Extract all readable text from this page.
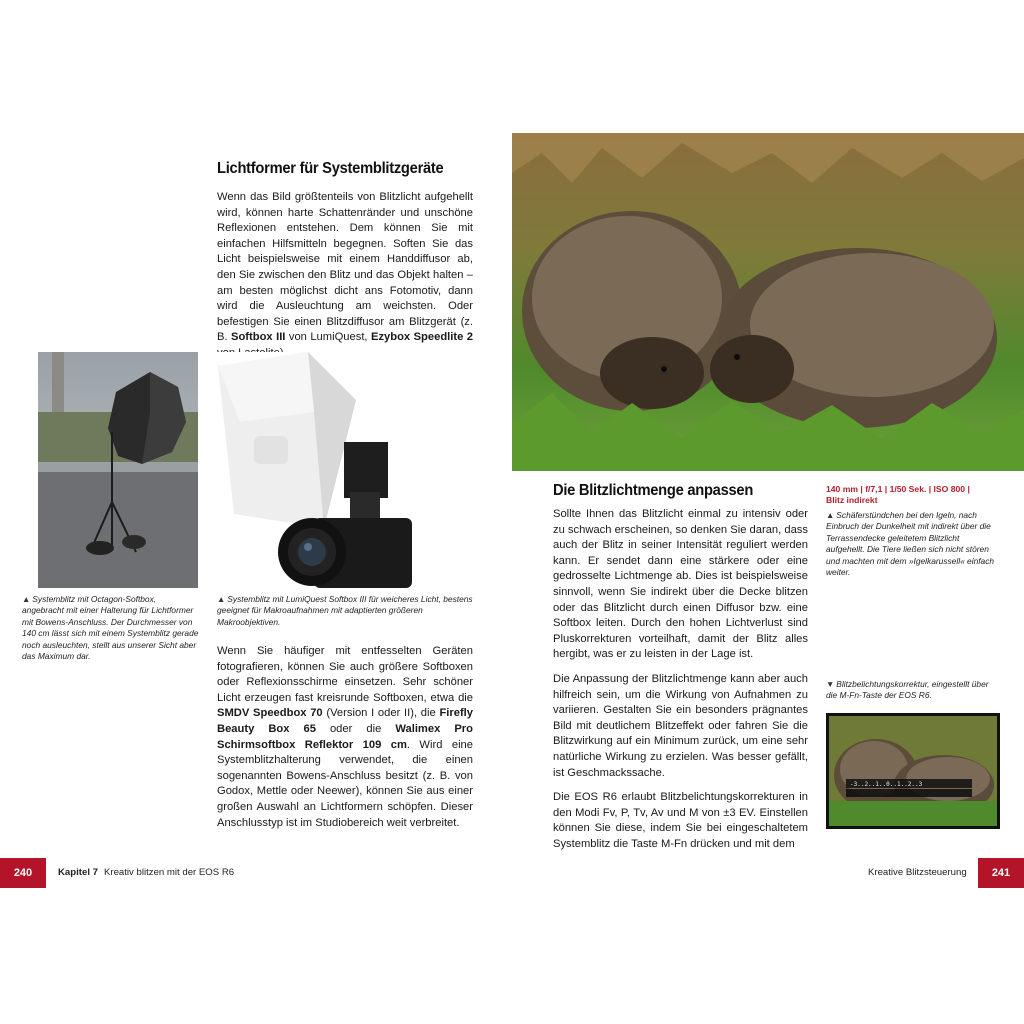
Lichtformer für Systemblitzgeräte

Wenn das Bild größtenteils von Blitzlicht aufgehellt wird, können harte Schattenränder und unschöne Reflexionen entstehen. Dem können Sie mit einfachen Hilfsmitteln begegnen. Soften Sie das Licht beispielsweise mit einem Handdiffusor ab, den Sie zwischen den Blitz und das Objekt halten – am besten möglichst dicht ans Fotomotiv, dann wird die Ausleuchtung am weichsten. Oder befestigen Sie einen Blitzdiffusor am Blitzgerät (z. B. Softbox III von LumiQuest, Ezybox Speedlite 2

▲ Systemblitz mit Octagon-Softbox, angebracht mit einer Halterung für Lichtformer mit Bowens-Anschluss. Der Durchmesser von 140 cm lässt sich mit einem Systemblitz gerade noch ausleuchten, stellt aus unserer Sicht aber das Maximum dar.
▲ Systemblitz mit LumiQuest Softbox III für weicheres Licht, bestens geeignet für Makroaufnahmen mit adaptierten größeren Makroobjektiven.

Wenn Sie häufiger mit entfesselten Geräten fotografieren, können Sie auch größere Softboxen oder Reflexionsschirme einsetzen. Sehr schöner Licht erzeugen fast kreisrunde Softboxen, etwa die SMDV Speedbox 70 (Version I oder II), die Firefly Beauty Box 65 oder die Walimex Pro Schirmsoftbox Reflektor 109 cm. Wird eine Systemblitzhalterung verwendet, die einen sogenannten Bowens-Anschluss besitzt (z. B. von Godox, Mettle oder Neewer), können Sie aus einer großen Auswahl an Lichtformern schöpfen. Dieser Anschlusstyp ist im Studiobereich weit verbreitet.

240	Kapitel 7 Kreativ blitzen mit der EOS R6
Die Blitzlichtmenge anpassen

Sollte Ihnen das Blitzlicht einmal zu intensiv oder zu schwach erscheinen, so denken Sie daran, dass auch der Blitz in seiner Intensität reguliert werden kann. Er sendet dann eine stärkere oder eine gedrosselte Lichtmenge ab. Dies ist beispielsweise sinnvoll, wenn Sie indirekt über die Decke blitzen oder das Blitzlicht durch einen Diffusor bzw. eine Softbox leiten. Durch den hohen Lichtverlust sind Pluskorrekturen vorteilhaft, damit der Blitz alles hergibt, was er zu leisten in der Lage ist.

Die Anpassung der Blitzlichtmenge kann aber auch hilfreich sein, um die Wirkung von Aufnahmen zu variieren. Gestalten Sie ein besonders prägnantes Bild mit deutlichem Blitzeffekt oder fahren Sie die Blitzwirkung auf ein Minimum zurück, um eine sehr natürliche Wirkung zu erzielen. Was besser gefällt, ist Geschmackssache.

Die EOS R6 erlaubt Blitzbelichtungskorrekturen in den Modi Fv, P, Tv, Av und M von ±3 EV. Einstellen können Sie diese, indem Sie bei eingeschaltetem Systemblitz die Taste M-Fn drücken und mit dem

140 mm | f/7,1 | 1/50 Sek. | ISO 800 | Blitz indirekt
▲ Schäferstündchen bei den Igeln, nach Einbruch der Dunkelheit mit indirekt über die Terrassendecke geleitetem Blitzlicht aufgehellt. Die Tiere ließen sich nicht stören und machten mit dem »Igelkarussell« einfach weiter.
▼ Blitzbelichtungskorrektur, eingestellt über die M-Fn-Taste der EOS R6.
-3..2..1..0..1..2..3
Kreative Blitzsteuerung	241
